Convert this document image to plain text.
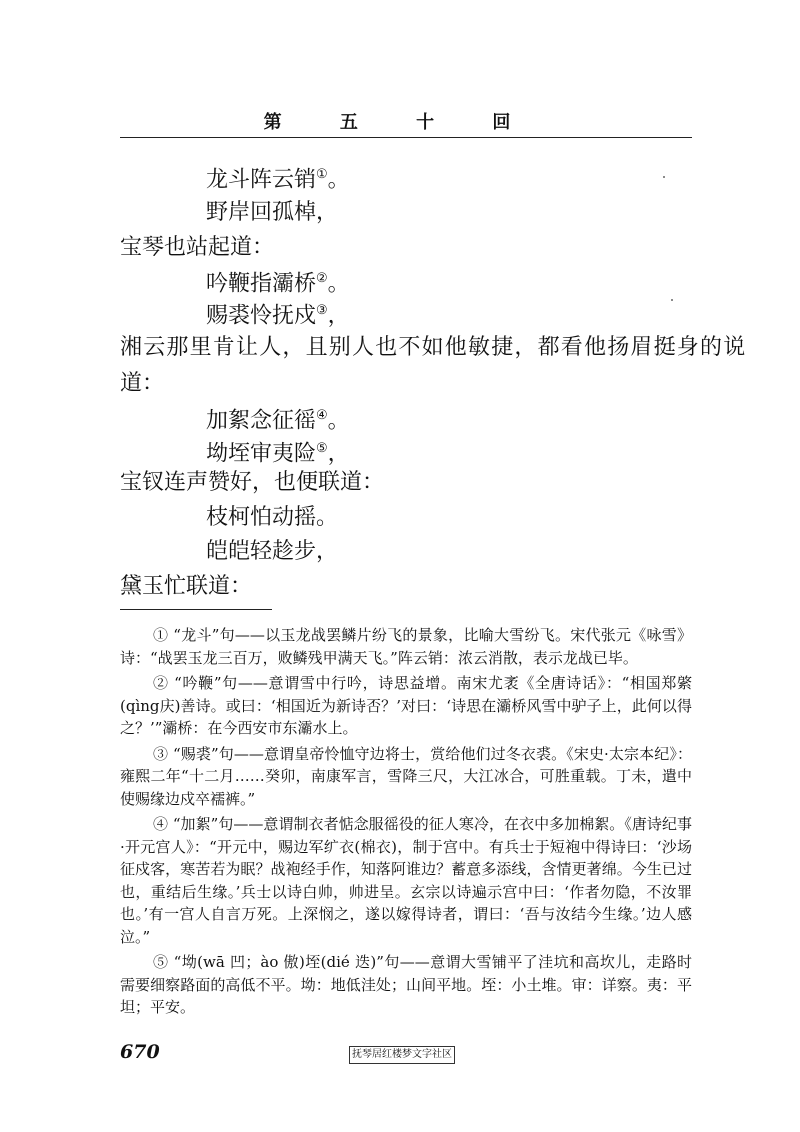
第 五 十 回
龙斗阵云销①。
野岸回孤棹，
宝琴也站起道：
吟鞭指灞桥②。
赐裘怜抚戍③，
湘云那里肯让人，且别人也不如他敏捷，都看他扬眉挺身的说
道：
加絮念征徭④。
坳垤审夷险⑤，
宝钗连声赞好，也便联道：
枝柯怕动摇。
皑皑轻趁步，
黛玉忙联道：

① “龙斗”句——以玉龙战罢鳞片纷飞的景象，比喻大雪纷飞。宋代张元《咏雪》诗：“战罢玉龙三百万，败鳞残甲满天飞。”阵云销：浓云消散，表示龙战已毕。

② “吟鞭”句——意谓雪中行吟，诗思益增。南宋尤袤《全唐诗话》：“相国郑綮(qìng庆)善诗。或曰：‘相国近为新诗否？’对曰：‘诗思在灞桥风雪中驴子上，此何以得之？’”灞桥：在今西安市东灞水上。

③ “赐裘”句——意谓皇帝怜恤守边将士，赏给他们过冬衣裘。《宋史·太宗本纪》：雍熙二年“十二月……癸卯，南康军言，雪降三尺，大江冰合，可胜重载。丁未，遣中使赐缘边戍卒襦裤。”

④ “加絮”句——意谓制衣者惦念服徭役的征人寒冷，在衣中多加棉絮。《唐诗纪事·开元宫人》：“开元中，赐边军纩衣(棉衣)，制于宫中。有兵士于短袍中得诗曰：‘沙场征戍客，寒苦若为眠？战袍经手作，知落阿谁边？蓄意多添线，含情更著绵。今生已过也，重结后生缘。’兵士以诗白帅，帅进呈。玄宗以诗遍示宫中曰：‘作者勿隐，不汝罪也。’有一宫人自言万死。上深悯之，遂以嫁得诗者，谓曰：‘吾与汝结今生缘。’边人感泣。”

⑤ “坳(wā 凹；ào 傲)垤(dié 迭)”句——意谓大雪铺平了洼坑和高坎儿，走路时需要细察路面的高低不平。坳：地低洼处；山间平地。垤：小土堆。审：详察。夷：平坦；平安。

670	抚琴居红楼梦文字社区
